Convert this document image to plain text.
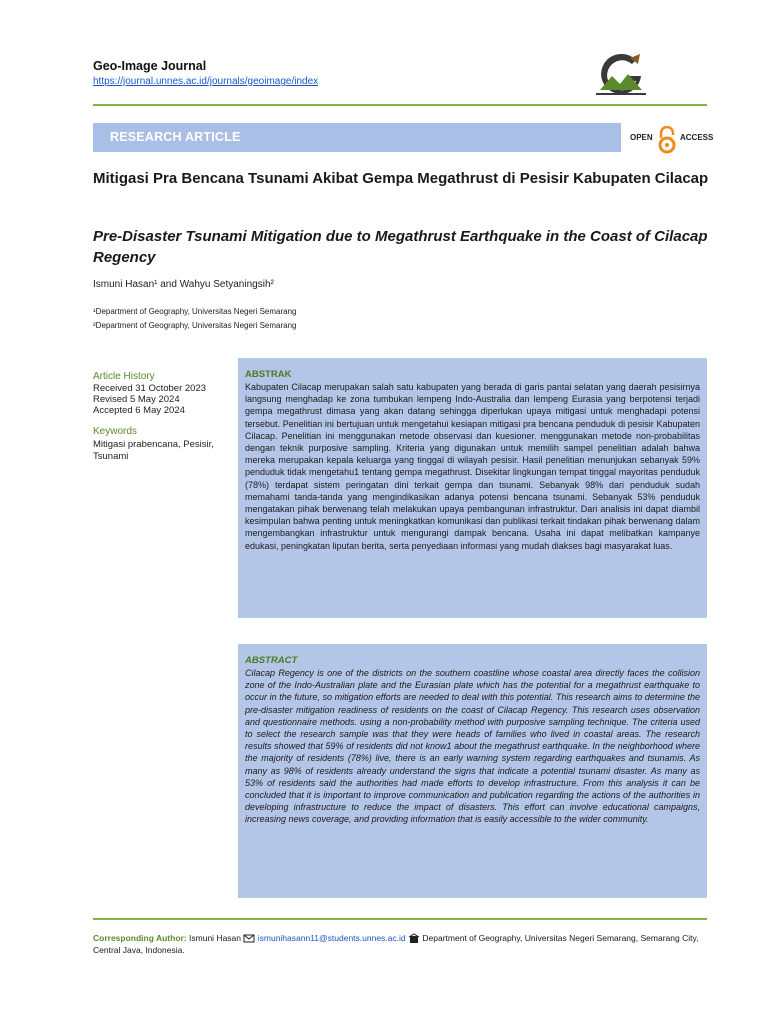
Geo-Image Journal
https://journal.unnes.ac.id/journals/geoimage/index
RESEARCH ARTICLE	OPEN	ACCESS
Mitigasi Pra Bencana Tsunami Akibat Gempa Megathrust di Pesisir Kabupaten Cilacap
Pre-Disaster Tsunami Mitigation due to Megathrust Earthquake in the Coast of Cilacap Regency
Ismuni Hasan¹ and Wahyu Setyaningsih²
¹Department of Geography, Universitas Negeri Semarang
²Department of Geography, Universitas Negeri Semarang
Article History
Received 31 October 2023
Revised 5 May 2024
Accepted 6 May 2024
Keywords
Mitigasi prabencana, Pesisir,
Tsunami
ABSTRAK
Kabupaten Cilacap merupakan salah satu kabupaten yang berada di garis pantai selatan yang daerah pesisirnya langsung menghadap ke zona tumbukan lempeng Indo-Australia dan lempeng Eurasia yang berpotensi terjadi gempa megathrust dimasa yang akan datang sehingga diperlukan upaya mitigasi untuk menghadapi potensi tersebut. Penelitian ini bertujuan untuk mengetahui kesiapan mitigasi pra bencana penduduk di pesisir Kabupaten Cilacap. Penelitian ini menggunakan metode observasi dan kuesioner. menggunakan metode non-probabilitas dengan teknik purposive sampling. Kriteria yang digunakan untuk memilih sampel penelitian adalah bahwa mereka merupakan kepala keluarga yang tinggal di wilayah pesisir. Hasil penelitian menunjukan sebanyak 59% penduduk tidak mengetahu1 tentang gempa megathrust. Disekitar lingkungan tempat tinggal mayoritas penduduk (78%) terdapat sistem peringatan dini terkait gempa dan tsunami. Sebanyak 98% dari penduduk sudah memahami tanda-tanda yang mengindikasikan adanya potensi bencana tsunami. Sebanyak 53% penduduk mengatakan pihak berwenang telah melakukan upaya pembangunan infrastruktur. Dari analisis ini dapat diambil kesimpulan bahwa penting untuk meningkatkan komunikasi dan publikasi terkait tindakan pihak berwenang dalam mengembangkan infrastruktur untuk mengurangi dampak bencana. Usaha ini dapat melibatkan kampanye edukasi, peningkatan liputan berita, serta penyediaan informasi yang mudah diakses bagi masyarakat luas.
ABSTRACT
Cilacap Regency is one of the districts on the southern coastline whose coastal area directly faces the collision zone of the Indo-Australian plate and the Eurasian plate which has the potential for a megathrust earthquake to occur in the future, so mitigation efforts are needed to deal with this potential. This research aims to determine the pre-disaster mitigation readiness of residents on the coast of Cilacap Regency. This research uses observation and questionnaire methods. using a non-probability method with purposive sampling technique. The criteria used to select the research sample was that they were heads of families who lived in coastal areas. The research results showed that 59% of residents did not know1 about the megathrust earthquake. In the neighborhood where the majority of residents (78%) live, there is an early warning system regarding earthquakes and tsunamis. As many as 98% of residents already understand the signs that indicate a potential tsunami disaster. As many as 53% of residents said the authorities had made efforts to develop infrastructure. From this analysis it can be concluded that it is important to improve communication and publication regarding the actions of the authorities in developing infrastructure to reduce the impact of disasters. This effort can involve educational campaigns, increasing news coverage, and providing information that is easily accessible to the wider community.
Corresponding Author: Ismuni Hasan ismunihasann11@students.unnes.ac.id Department of Geography, Universitas Negeri Semarang, Semarang City, Central Java, Indonesia.
